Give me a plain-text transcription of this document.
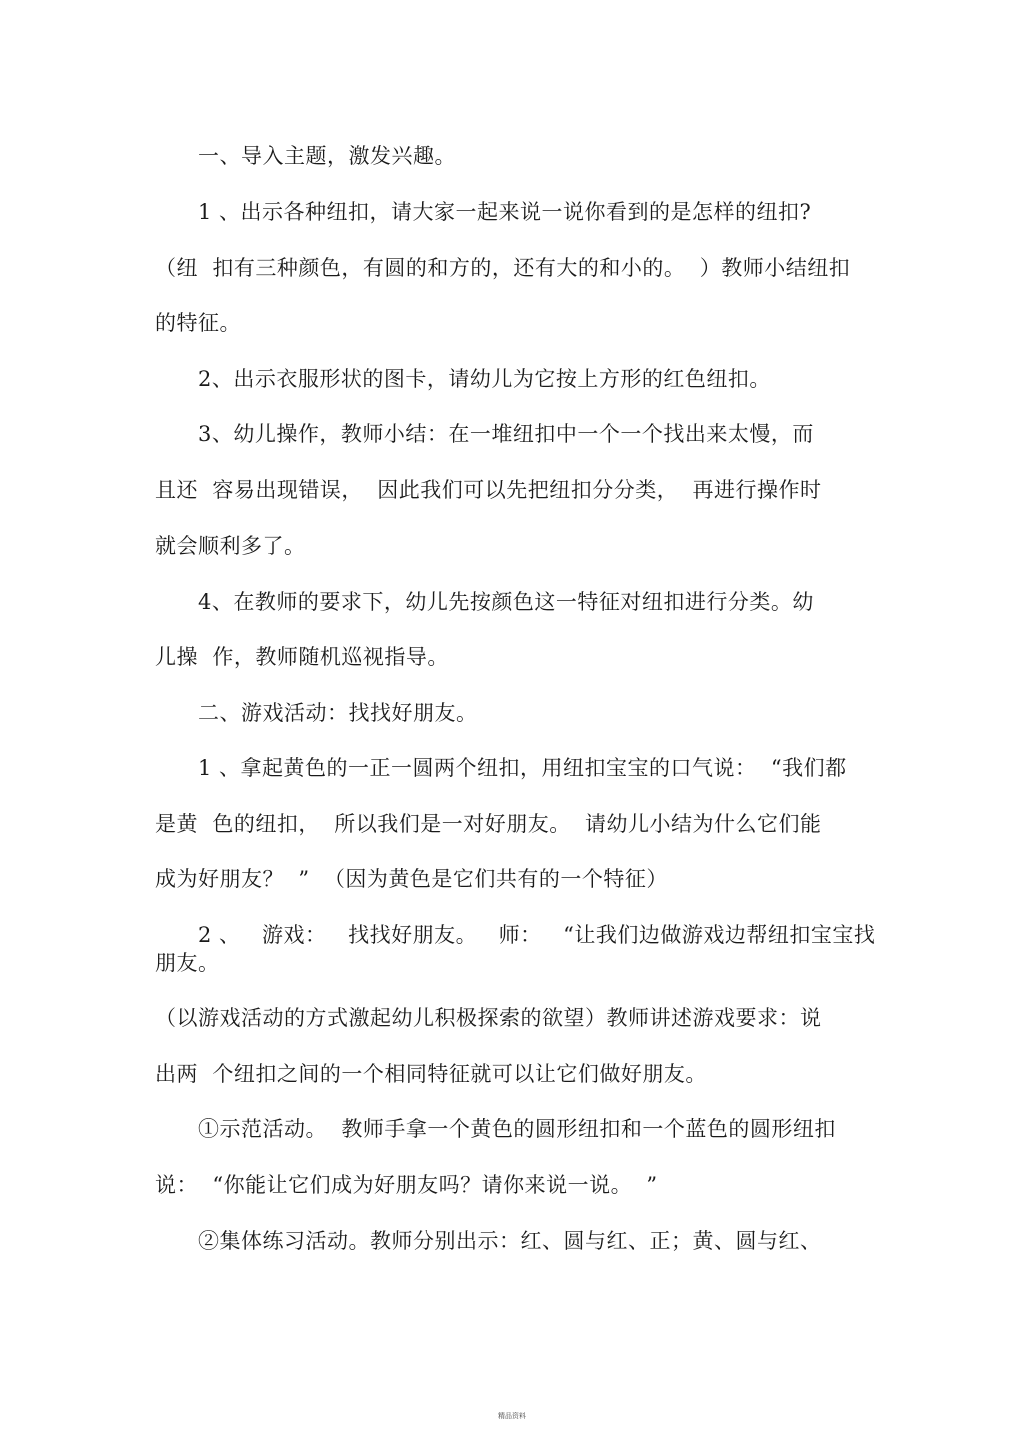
一、导入主题，激发兴趣。
1 、出示各种纽扣，请大家一起来说一说你看到的是怎样的纽扣?
（纽  扣有三种颜色，有圆的和方的，还有大的和小的。  ）教师小结纽扣
的特征。
2、出示衣服形状的图卡，请幼儿为它按上方形的红色纽扣。
3、幼儿操作，教师小结：在一堆纽扣中一个一个找出来太慢，而
且还  容易出现错误，  因此我们可以先把纽扣分分类，  再进行操作时
就会顺利多了。
4、在教师的要求下，幼儿先按颜色这一特征对纽扣进行分类。幼
儿操  作，教师随机巡视指导。
二、游戏活动：找找好朋友。
1 、拿起黄色的一正一圆两个纽扣，用纽扣宝宝的口气说：  “我们都
是黄  色的纽扣，  所以我们是一对好朋友。  请幼儿小结为什么它们能
成为好朋友？  ”  （因为黄色是它们共有的一个特征）
2 、   游戏：   找找好朋友。   师：   “让我们边做游戏边帮纽扣宝宝找
朋友。
（以游戏活动的方式激起幼儿积极探索的欲望）教师讲述游戏要求：说
出两  个纽扣之间的一个相同特征就可以让它们做好朋友。
①示范活动。  教师手拿一个黄色的圆形纽扣和一个蓝色的圆形纽扣
说：  “你能让它们成为好朋友吗？请你来说一说。  ”
②集体练习活动。教师分别出示：红、圆与红、正；黄、圆与红、
精品资料
